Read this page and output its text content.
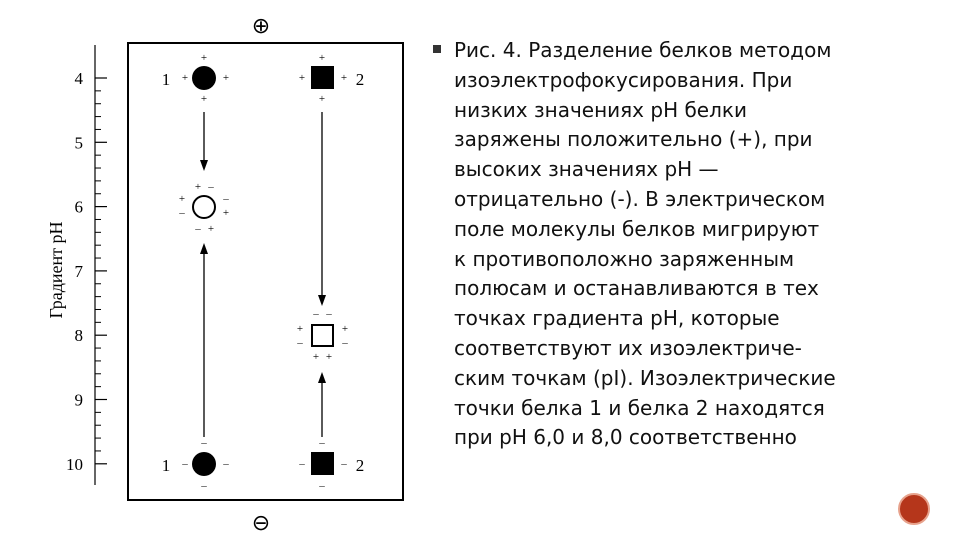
⊕
⊖
Градиент pH
4
5
6
7
8
9
10
1
+
+	+
+
2
+
+	+
+
+ –
+
–
–
+
– +
– –
+
–
+
–
+ +
1
–
–	–
–
2
–
–	–
–
Рис. 4. Разделение белков методом
изоэлектрофокусирования. При
низких значениях рН белки
заряжены положительно (+), при
высоких значениях рН —
отрицательно (-). В электрическом
поле молекулы белков мигрируют
к противоположно заряженным
полюсам и останавливаются в тех
точках градиента рН, которые
соответствуют их изоэлектриче-
ским точкам (pI). Изоэлектрические
точки белка 1 и белка 2 находятся
при рН 6,0 и 8,0 соответственно
